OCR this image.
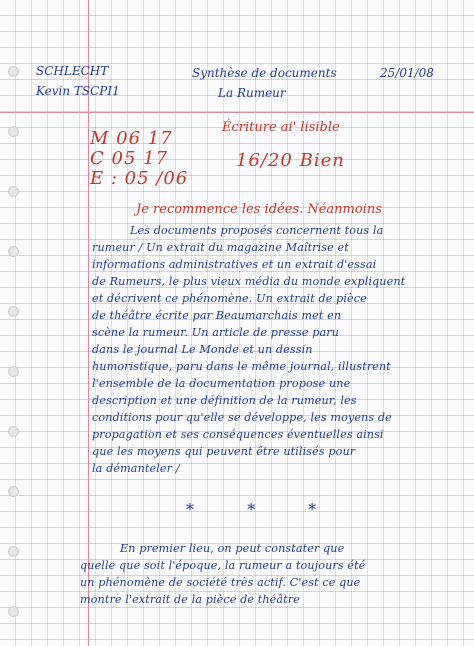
SCHLECHT
Kevin TSCPI1
Synthèse de documents
La Rumeur
25/01/08
M 06 17
C 05 17
E : 05 /06
Écriture ai' lisible
16/20 Bien
Je recommence les idées. Néanmoins
Les documents proposés concernent tous la
rumeur / Un extrait du magazine Maîtrise et
informations administratives et un extrait d'essai
de Rumeurs, le plus vieux média du monde expliquent
et décrivent ce phénomène. Un extrait de pièce
de théâtre écrite par Beaumarchais met en
scène la rumeur. Un article de presse paru
dans le journal Le Monde et un dessin
humoristique, paru dans le même journal, illustrent
l'ensemble de la documentation propose une
description et une définition de la rumeur, les
conditions pour qu'elle se développe, les moyens de
propagation et ses conséquences éventuelles ainsi
que les moyens qui peuvent être utilisés pour
la démanteler /
* * *
En premier lieu, on peut constater que
quelle que soit l'époque, la rumeur a toujours été
un phénomène de société très actif. C'est ce que
montre l'extrait de la pièce de théâtre
